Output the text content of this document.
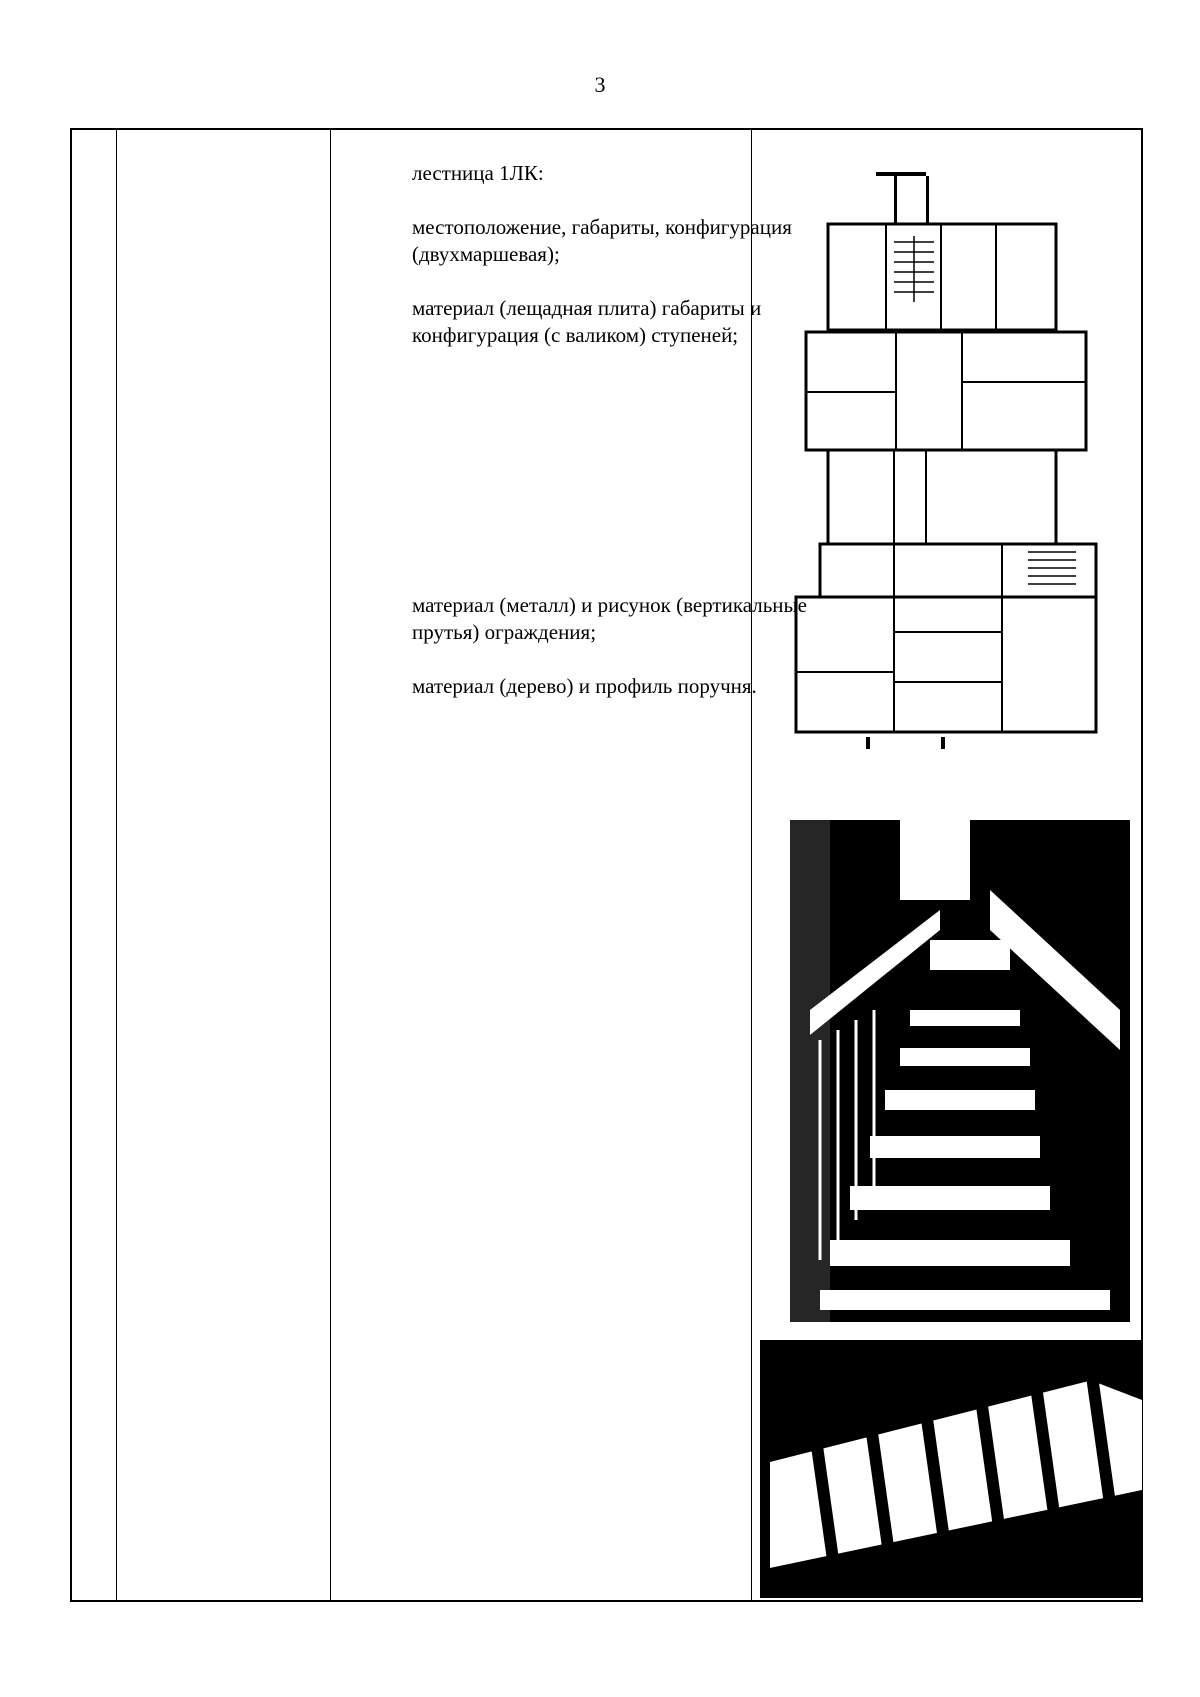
3

лестница 1ЛК:

местоположение, габариты, конфигурация (двухмаршевая);

материал (лещадная плита) габариты и конфигурация (с валиком) ступеней;

материал (металл) и рисунок (вертикальные прутья) ограждения;

материал (дерево) и профиль поручня.
